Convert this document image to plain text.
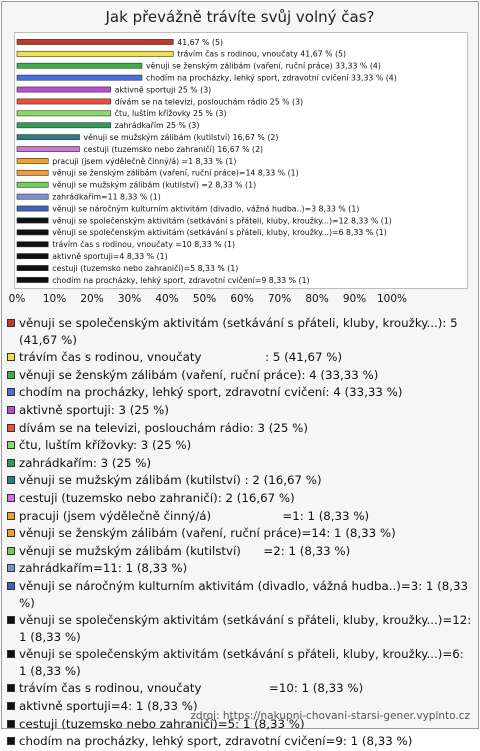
Jak převážně trávíte svůj volný čas?
41,67 % (5)
trávím čas s rodinou, vnoučaty 41,67 % (5)
věnuji se ženským zálibám (vaření, ruční práce) 33,33 % (4)
chodím na procházky, lehký sport, zdravotní cvičení 33,33 % (4)
aktivně sportuji 25 % (3)
dívám se na televizi, poslouchám rádio 25 % (3)
čtu, luštím křížovky 25 % (3)
zahrádkařím 25 % (3)
věnuji se mužským zálibám (kutilství) 16,67 % (2)
cestuji (tuzemsko nebo zahraničí) 16,67 % (2)
pracuji (jsem výdělečně činný/á) =1 8,33 % (1)
věnuji se ženským zálibám (vaření, ruční práce)=14 8,33 % (1)
věnuji se mužským zálibám (kutilství) =2 8,33 % (1)
zahrádkařím=11 8,33 % (1)
věnuji se náročným kulturním aktivitám (divadlo, vážná hudba..)=3 8,33 % (1)
věnuji se společenským aktivitám (setkávání s přáteli, kluby, kroužky...)=12 8,33 % (1)
věnuji se společenským aktivitám (setkávání s přáteli, kluby, kroužky...)=6 8,33 % (1)
trávím čas s rodinou, vnoučaty =10 8,33 % (1)
aktivně sportuji=4 8,33 % (1)
cestuji (tuzemsko nebo zahraničí)=5 8,33 % (1)
chodím na procházky, lehký sport, zdravotní cvičení=9 8,33 % (1)
0% 10% 20% 30% 40% 50% 60% 70% 80% 90% 100%
věnuji se společenským aktivitám (setkávání s přáteli, kluby, kroužky...): 5 (41,67 %)
trávím čas s rodinou, vnoučaty                 : 5 (41,67 %)
věnuji se ženským zálibám (vaření, ruční práce): 4 (33,33 %)
chodím na procházky, lehký sport, zdravotní cvičení: 4 (33,33 %)
aktivně sportuji: 3 (25 %)
dívám se na televizi, poslouchám rádio: 3 (25 %)
čtu, luštím křížovky: 3 (25 %)
zahrádkařím: 3 (25 %)
věnuji se mužským zálibám (kutilství) : 2 (16,67 %)
cestuji (tuzemsko nebo zahraničí): 2 (16,67 %)
pracuji (jsem výdělečně činný/á)                   =1: 1 (8,33 %)
věnuji se ženským zálibám (vaření, ruční práce)=14: 1 (8,33 %)
věnuji se mužským zálibám (kutilství)      =2: 1 (8,33 %)
zahrádkařím=11: 1 (8,33 %)
věnuji se náročným kulturním aktivitám (divadlo, vážná hudba..)=3: 1 (8,33 %)
věnuji se společenským aktivitám (setkávání s přáteli, kluby, kroužky...)=12: 1 (8,33 %)
věnuji se společenským aktivitám (setkávání s přáteli, kluby, kroužky...)=6: 1 (8,33 %)
trávím čas s rodinou, vnoučaty                  =10: 1 (8,33 %)
aktivně sportuji=4: 1 (8,33 %)
cestuji (tuzemsko nebo zahraničí)=5: 1 (8,33 %)
chodím na procházky, lehký sport, zdravotní cvičení=9: 1 (8,33 %)
zdroj: https://nakupni-chovani-starsi-gener.vyplnto.cz
